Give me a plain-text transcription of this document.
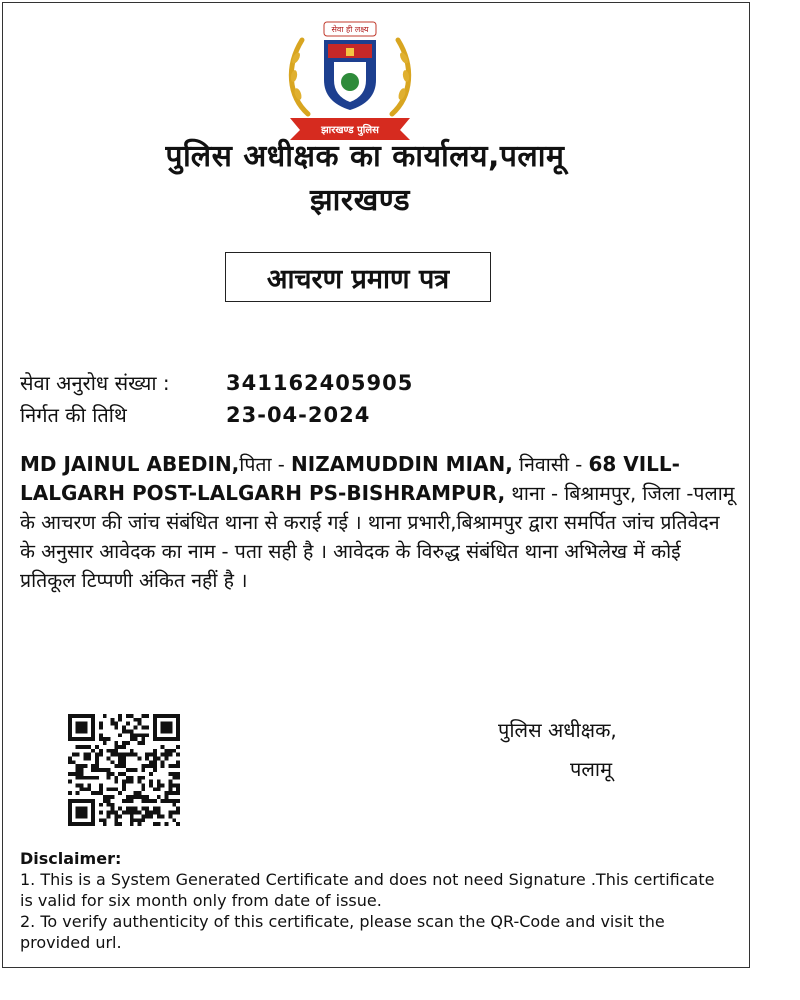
सेवा ही लक्ष्य
झारखण्ड पुलिस
पुलिस अधीक्षक का कार्यालय,पलामू
झारखण्ड
आचरण प्रमाण पत्र
सेवा अनुरोध संख्या :	341162405905
निर्गत की तिथि	23-04-2024
MD JAINUL ABEDIN,पिता - NIZAMUDDIN MIAN, निवासी - 68 VILL-LALGARH POST-LALGARH PS-BISHRAMPUR, थाना - बिश्रामपुर, जिला -पलामू के आचरण की जांच संबंधित थाना से कराई गई । थाना प्रभारी,बिश्रामपुर द्वारा समर्पित जांच प्रतिवेदन के अनुसार आवेदक का नाम - पता सही है । आवेदक के विरुद्ध संबंधित थाना अभिलेख में कोई प्रतिकूल टिप्पणी अंकित नहीं है ।
पुलिस अधीक्षक,
पलामू
Disclaimer:
1. This is a System Generated Certificate and does not need Signature .This certificate is valid for six month only from date of issue.
2. To verify authenticity of this certificate, please scan the QR-Code and visit the provided url.
